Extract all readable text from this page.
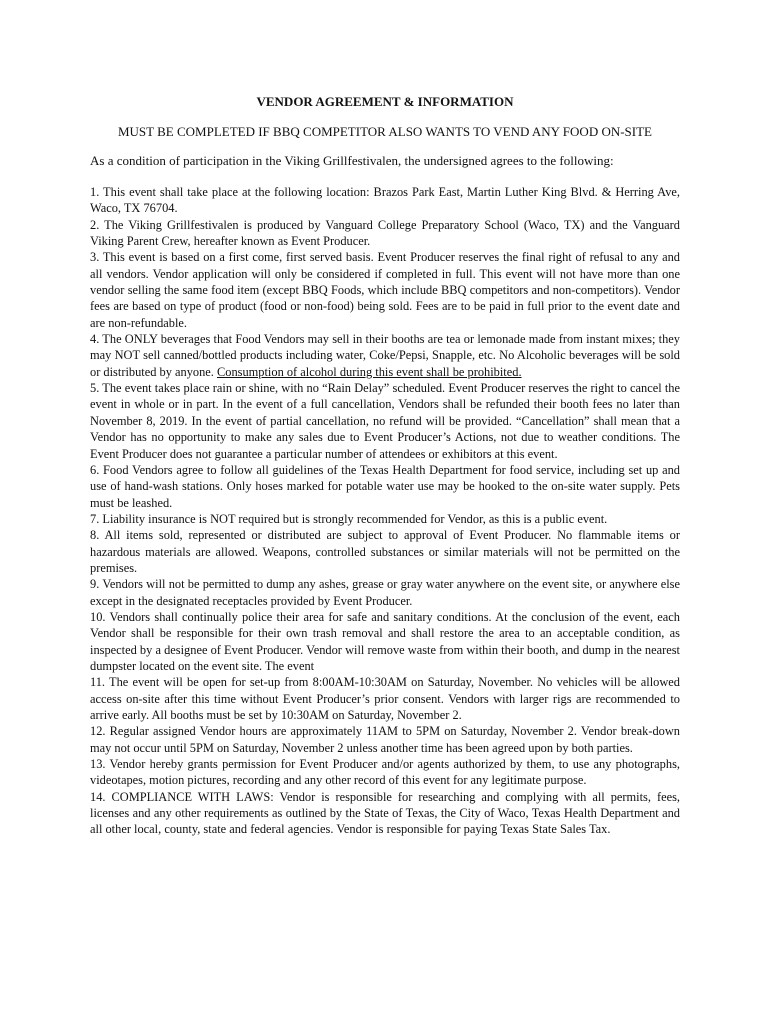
VENDOR AGREEMENT & INFORMATION
MUST BE COMPLETED IF BBQ COMPETITOR ALSO WANTS TO VEND ANY FOOD ON-SITE
As a condition of participation in the Viking Grillfestivalen, the undersigned agrees to the following:

1. This event shall take place at the following location: Brazos Park East, Martin Luther King Blvd. & Herring Ave, Waco, TX 76704.

2. The Viking Grillfestivalen is produced by Vanguard College Preparatory School (Waco, TX) and the Vanguard Viking Parent Crew, hereafter known as Event Producer.

3. This event is based on a first come, first served basis. Event Producer reserves the final right of refusal to any and all vendors. Vendor application will only be considered if completed in full. This event will not have more than one vendor selling the same food item (except BBQ Foods, which include BBQ competitors and non-competitors). Vendor fees are based on type of product (food or non-food) being sold. Fees are to be paid in full prior to the event date and are non-refundable.

4. The ONLY beverages that Food Vendors may sell in their booths are tea or lemonade made from instant mixes; they may NOT sell canned/bottled products including water, Coke/Pepsi, Snapple, etc. No Alcoholic beverages will be sold or distributed by anyone. Consumption of alcohol during this event shall be prohibited.

5. The event takes place rain or shine, with no “Rain Delay” scheduled. Event Producer reserves the right to cancel the event in whole or in part. In the event of a full cancellation, Vendors shall be refunded their booth fees no later than November 8, 2019. In the event of partial cancellation, no refund will be provided. “Cancellation” shall mean that a Vendor has no opportunity to make any sales due to Event Producer’s Actions, not due to weather conditions. The Event Producer does not guarantee a particular number of attendees or exhibitors at this event.

6. Food Vendors agree to follow all guidelines of the Texas Health Department for food service, including set up and use of hand-wash stations. Only hoses marked for potable water use may be hooked to the on-site water supply. Pets must be leashed.

7. Liability insurance is NOT required but is strongly recommended for Vendor, as this is a public event.

8. All items sold, represented or distributed are subject to approval of Event Producer. No flammable items or hazardous materials are allowed. Weapons, controlled substances or similar materials will not be permitted on the premises.

9. Vendors will not be permitted to dump any ashes, grease or gray water anywhere on the event site, or anywhere else except in the designated receptacles provided by Event Producer.

10. Vendors shall continually police their area for safe and sanitary conditions. At the conclusion of the event, each Vendor shall be responsible for their own trash removal and shall restore the area to an acceptable condition, as inspected by a designee of Event Producer. Vendor will remove waste from within their booth, and dump in the nearest dumpster located on the event site. The event

11. The event will be open for set-up from 8:00AM-10:30AM on Saturday, November. No vehicles will be allowed access on-site after this time without Event Producer’s prior consent. Vendors with larger rigs are recommended to arrive early. All booths must be set by 10:30AM on Saturday, November 2.

12. Regular assigned Vendor hours are approximately 11AM to 5PM on Saturday, November 2. Vendor break-down may not occur until 5PM on Saturday, November 2 unless another time has been agreed upon by both parties.

13. Vendor hereby grants permission for Event Producer and/or agents authorized by them, to use any photographs, videotapes, motion pictures, recording and any other record of this event for any legitimate purpose.

14. COMPLIANCE WITH LAWS: Vendor is responsible for researching and complying with all permits, fees, licenses and any other requirements as outlined by the State of Texas, the City of Waco, Texas Health Department and all other local, county, state and federal agencies. Vendor is responsible for paying Texas State Sales Tax.
